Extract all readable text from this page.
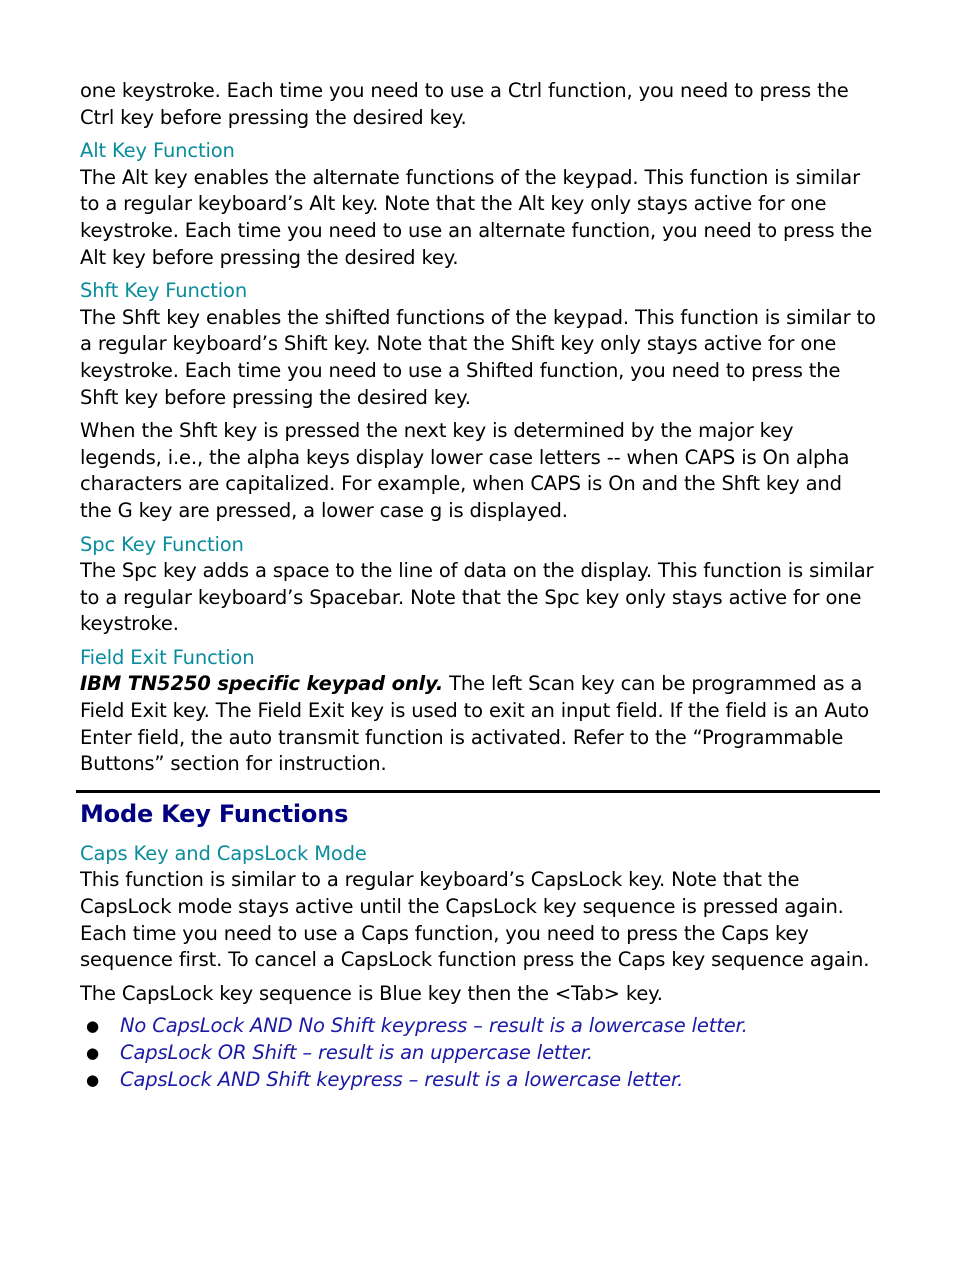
one keystroke. Each time you need to use a Ctrl function, you need to press the Ctrl key before pressing the desired key.

Alt Key Function

The Alt key enables the alternate functions of the keypad. This function is similar to a regular keyboard’s Alt key. Note that the Alt key only stays active for one keystroke. Each time you need to use an alternate function, you need to press the Alt key before pressing the desired key.

Shft Key Function

The Shft key enables the shifted functions of the keypad. This function is similar to a regular keyboard’s Shift key. Note that the Shift key only stays active for one keystroke. Each time you need to use a Shifted function, you need to press the Shft key before pressing the desired key.

When the Shft key is pressed the next key is determined by the major key legends, i.e., the alpha keys display lower case letters -- when CAPS is On alpha characters are capitalized. For example, when CAPS is On and the Shft key and the G key are pressed, a lower case g is displayed.

Spc Key Function

The Spc key adds a space to the line of data on the display. This function is similar to a regular keyboard’s Spacebar. Note that the Spc key only stays active for one keystroke.

Field Exit Function

IBM TN5250 specific keypad only. The left Scan key can be programmed as a Field Exit key. The Field Exit key is used to exit an input field. If the field is an Auto Enter field, the auto transmit function is activated. Refer to the “Programmable Buttons” section for instruction.

Mode Key Functions
Caps Key and CapsLock Mode

This function is similar to a regular keyboard’s CapsLock key. Note that the CapsLock mode stays active until the CapsLock key sequence is pressed again. Each time you need to use a Caps function, you need to press the Caps key sequence first. To cancel a CapsLock function press the Caps key sequence again.

The CapsLock key sequence is Blue key then the <Tab> key.

● No CapsLock AND No Shift keypress – result is a lowercase letter.
● CapsLock OR Shift – result is an uppercase letter.
● CapsLock AND Shift keypress – result is a lowercase letter.
